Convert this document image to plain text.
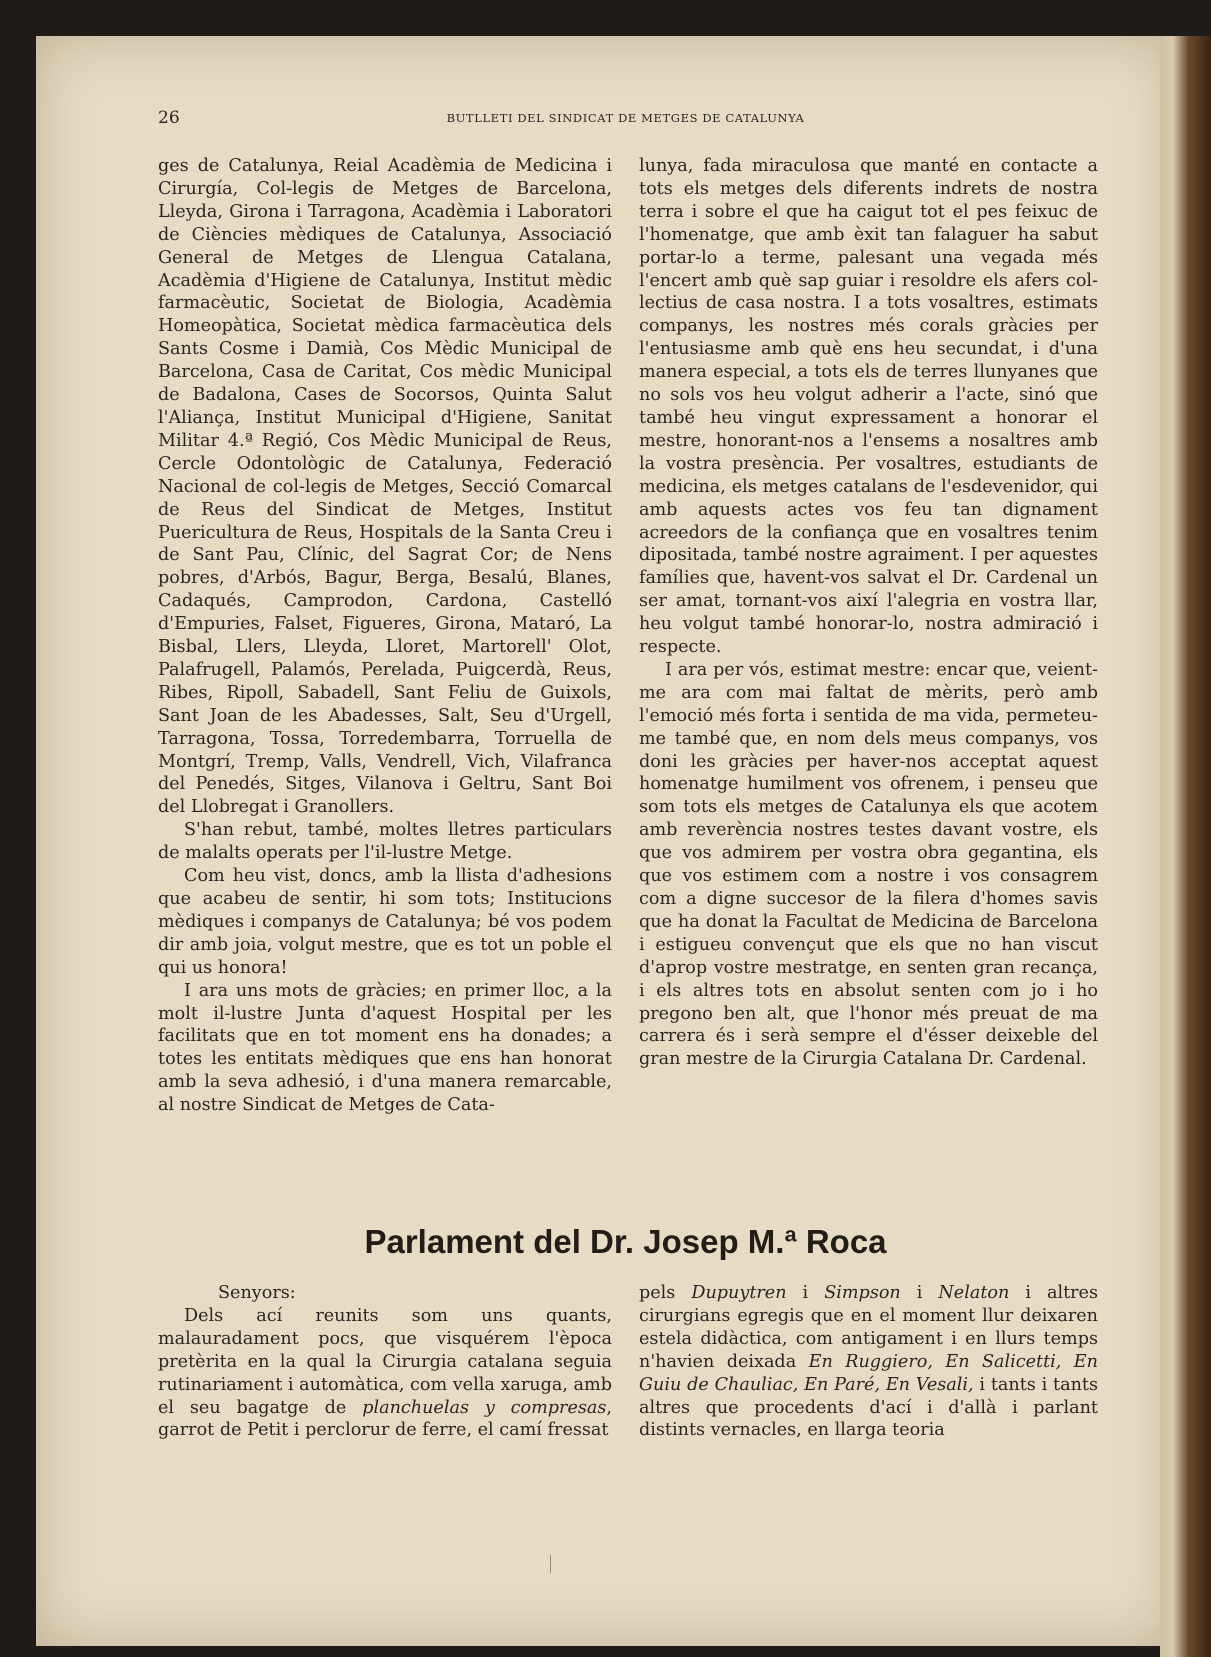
26	BUTLLETI DEL SINDICAT DE METGES DE CATALUNYA

ges de Catalunya, Reial Acadèmia de Medicina i Cirurgía, Col-legis de Metges de Barcelona, Lleyda, Girona i Tarragona, Acadèmia i Laboratori de Ciències mèdiques de Catalunya, Associació General de Metges de Llengua Catalana, Acadèmia d'Higiene de Catalunya, Institut mèdic farmacèutic, Societat de Biologia, Acadèmia Homeopàtica, Societat mèdica farmacèutica dels Sants Cosme i Damià, Cos Mèdic Municipal de Barcelona, Casa de Caritat, Cos mèdic Municipal de Badalona, Cases de Socorsos, Quinta Salut l'Aliança, Institut Municipal d'Higiene, Sanitat Militar 4.ª Regió, Cos Mèdic Municipal de Reus, Cercle Odontològic de Catalunya, Federació Nacional de col-legis de Metges, Secció Comarcal de Reus del Sindicat de Metges, Institut Puericultura de Reus, Hospitals de la Santa Creu i de Sant Pau, Clínic, del Sagrat Cor; de Nens pobres, d'Arbós, Bagur, Berga, Besalú, Blanes, Cadaqués, Camprodon, Cardona, Castelló d'Empuries, Falset, Figueres, Girona, Mataró, La Bisbal, Llers, Lleyda, Lloret, Martorell' Olot, Palafrugell, Palamós, Perelada, Puigcerdà, Reus, Ribes, Ripoll, Sabadell, Sant Feliu de Guixols, Sant Joan de les Abadesses, Salt, Seu d'Urgell, Tarragona, Tossa, Torredembarra, Torruella de Montgrí, Tremp, Valls, Vendrell, Vich, Vilafranca del Penedés, Sitges, Vilanova i Geltru, Sant Boi del Llobregat i Granollers.

S'han rebut, també, moltes lletres particulars de malalts operats per l'il-lustre Metge.

Com heu vist, doncs, amb la llista d'adhesions que acabeu de sentir, hi som tots; Institucions mèdiques i companys de Catalunya; bé vos podem dir amb joia, volgut mestre, que es tot un poble el qui us honora!

I ara uns mots de gràcies; en primer lloc, a la molt il-lustre Junta d'aquest Hospital per les facilitats que en tot moment ens ha donades; a totes les entitats mèdiques que ens han honorat amb la seva adhesió, i d'una manera remarcable, al nostre Sindicat de Metges de Cata-

lunya, fada miraculosa que manté en contacte a tots els metges dels diferents indrets de nostra terra i sobre el que ha caigut tot el pes feixuc de l'homenatge, que amb èxit tan falaguer ha sabut portar-lo a terme, palesant una vegada més l'encert amb què sap guiar i resoldre els afers col-lectius de casa nostra. I a tots vosaltres, estimats companys, les nostres més corals gràcies per l'entusiasme amb què ens heu secundat, i d'una manera especial, a tots els de terres llunyanes que no sols vos heu volgut adherir a l'acte, sinó que també heu vingut expressament a honorar el mestre, honorant-nos a l'ensems a nosaltres amb la vostra presència. Per vosaltres, estudiants de medicina, els metges catalans de l'esdevenidor, qui amb aquests actes vos feu tan dignament acreedors de la confiança que en vosaltres tenim dipositada, també nostre agraiment. I per aquestes famílies que, havent-vos salvat el Dr. Cardenal un ser amat, tornant-vos així l'alegria en vostra llar, heu volgut també honorar-lo, nostra admiració i respecte.

I ara per vós, estimat mestre: encar que, veient-me ara com mai faltat de mèrits, però amb l'emoció més forta i sentida de ma vida, permeteu-me també que, en nom dels meus companys, vos doni les gràcies per haver-nos acceptat aquest homenatge humilment vos ofrenem, i penseu que som tots els metges de Catalunya els que acotem amb reverència nostres testes davant vostre, els que vos admirem per vostra obra gegantina, els que vos estimem com a nostre i vos consagrem com a digne succesor de la filera d'homes savis que ha donat la Facultat de Medicina de Barcelona i estigueu convençut que els que no han viscut d'aprop vostre mestratge, en senten gran recança, i els altres tots en absolut senten com jo i ho pregono ben alt, que l'honor més preuat de ma carrera és i serà sempre el d'ésser deixeble del gran mestre de la Cirurgia Catalana Dr. Cardenal.

Parlament del Dr. Josep M.ª Roca

Senyors:

Dels ací reunits som uns quants, malauradament pocs, que visquérem l'època pretèrita en la qual la Cirurgia catalana seguia rutinariament i automàtica, com vella xaruga, amb el seu bagatge de planchuelas y compresas, garrot de Petit i perclorur de ferre, el camí fressat

pels Dupuytren i Simpson i Nelaton i altres cirurgians egregis que en el moment llur deixaren estela didàctica, com antigament i en llurs temps n'havien deixada En Ruggiero, En Salicetti, En Guiu de Chauliac, En Paré, En Vesali, i tants i tants altres que procedents d'ací i d'allà i parlant distints vernacles, en llarga teoria
